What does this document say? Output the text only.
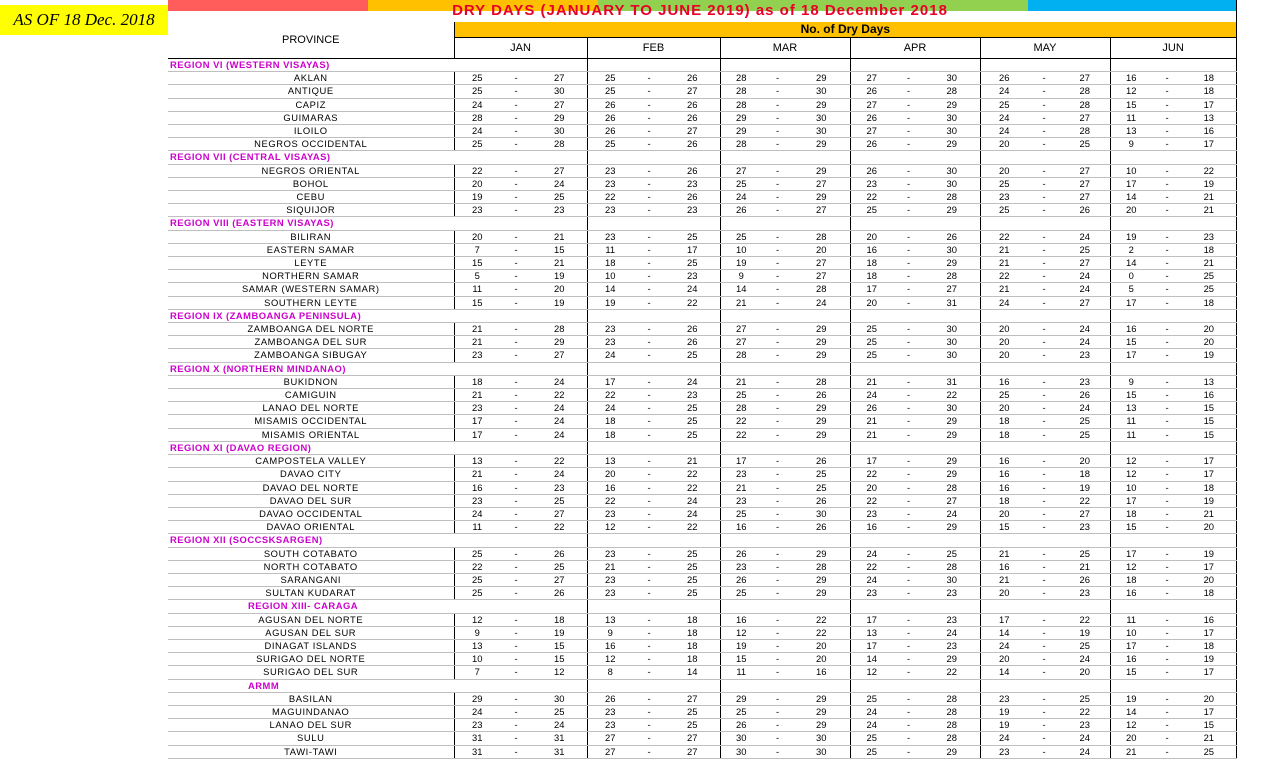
AS OF 18 Dec. 2018	DRY DAYS (JANUARY TO JUNE 2019) as of 18 December 2018
PROVINCE	No. of Dry Days																	
	JAN			FEB			MAR			APR			MAY			JUN		
REGION VI (WESTERN VISAYAS)																		
AKLAN	25	-	27	25	-	26	28	-	29	27	-	30	26	-	27	16	-	18
ANTIQUE	25	-	30	25	-	27	28	-	30	26	-	28	24	-	28	12	-	18
CAPIZ	24	-	27	26	-	26	28	-	29	27	-	29	25	-	28	15	-	17
GUIMARAS	28	-	29	26	-	26	29	-	30	26	-	30	24	-	27	11	-	13
ILOILO	24	-	30	26	-	27	29	-	30	27	-	30	24	-	28	13	-	16
NEGROS OCCIDENTAL	25	-	28	25	-	26	28	-	29	26	-	29	20	-	25	9	-	17
REGION VII (CENTRAL VISAYAS)																		
NEGROS ORIENTAL	22	-	27	23	-	26	27	-	29	26	-	30	20	-	27	10	-	22
BOHOL	20	-	24	23	-	23	25	-	27	23	-	30	25	-	27	17	-	19
CEBU	19	-	25	22	-	26	24	-	29	22	-	28	23	-	27	14	-	21
SIQUIJOR	23	-	23	23	-	23	26	-	27	25	-	29	25	-	26	20	-	21
REGION VIII (EASTERN VISAYAS)																		
BILIRAN	20	-	21	23	-	25	25	-	28	20	-	26	22	-	24	19	-	23
EASTERN SAMAR	7	-	15	11	-	17	10	-	20	16	-	30	21	-	25	2	-	18
LEYTE	15	-	21	18	-	25	19	-	27	18	-	29	21	-	27	14	-	21
NORTHERN SAMAR	5	-	19	10	-	23	9	-	27	18	-	28	22	-	24	0	-	25
SAMAR (WESTERN SAMAR)	11	-	20	14	-	24	14	-	28	17	-	27	21	-	24	5	-	25
SOUTHERN LEYTE	15	-	19	19	-	22	21	-	24	20	-	31	24	-	27	17	-	18
REGION IX (ZAMBOANGA PENINSULA)																		
ZAMBOANGA DEL NORTE	21	-	28	23	-	26	27	-	29	25	-	30	20	-	24	16	-	20
ZAMBOANGA DEL SUR	21	-	29	23	-	26	27	-	29	25	-	30	20	-	24	15	-	20
ZAMBOANGA SIBUGAY	23	-	27	24	-	25	28	-	29	25	-	30	20	-	23	17	-	19
REGION X (NORTHERN MINDANAO)																		
BUKIDNON	18	-	24	17	-	24	21	-	28	21	-	31	16	-	23	9	-	13
CAMIGUIN	21	-	22	22	-	23	25	-	26	24	-	22	25	-	26	15	-	16
LANAO DEL NORTE	23	-	24	24	-	25	28	-	29	26	-	30	20	-	24	13	-	15
MISAMIS OCCIDENTAL	17	-	24	18	-	25	22	-	29	21	-	29	18	-	25	11	-	15
MISAMIS ORIENTAL	17	-	24	18	-	25	22	-	29	21	-	29	18	-	25	11	-	15
REGION XI (DAVAO REGION)																		
CAMPOSTELA VALLEY	13	-	22	13	-	21	17	-	26	17	-	29	16	-	20	12	-	17
DAVAO CITY	21	-	24	20	-	22	23	-	25	22	-	29	16	-	18	12	-	17
DAVAO DEL NORTE	16	-	23	16	-	22	21	-	25	20	-	28	16	-	19	10	-	18
DAVAO DEL SUR	23	-	25	22	-	24	23	-	26	22	-	27	18	-	22	17	-	19
DAVAO OCCIDENTAL	24	-	27	23	-	24	25	-	30	23	-	24	20	-	27	18	-	21
DAVAO ORIENTAL	11	-	22	12	-	22	16	-	26	16	-	29	15	-	23	15	-	20
REGION XII (SOCCSKSARGEN)																		
SOUTH COTABATO	25	-	26	23	-	25	26	-	29	24	-	25	21	-	25	17	-	19
NORTH COTABATO	22	-	25	21	-	25	23	-	28	22	-	28	16	-	21	12	-	17
SARANGANI	25	-	27	23	-	25	26	-	29	24	-	30	21	-	26	18	-	20
SULTAN KUDARAT	25	-	26	23	-	25	25	-	29	23	-	23	20	-	23	16	-	18
REGION XIII- CARAGA																		
AGUSAN DEL NORTE	12	-	18	13	-	18	16	-	22	17	-	23	17	-	22	11	-	16
AGUSAN DEL SUR	9	-	19	9	-	18	12	-	22	13	-	24	14	-	19	10	-	17
DINAGAT ISLANDS	13	-	15	16	-	18	19	-	20	17	-	23	24	-	25	17	-	18
SURIGAO DEL NORTE	10	-	15	12	-	18	15	-	20	14	-	29	20	-	24	16	-	19
SURIGAO DEL SUR	7	-	12	8	-	14	11	-	16	12	-	22	14	-	20	15	-	17
ARMM																		
BASILAN	29	-	30	26	-	27	29	-	29	25	-	28	23	-	25	19	-	20
MAGUINDANAO	24	-	25	23	-	25	25	-	29	24	-	28	19	-	22	14	-	17
LANAO DEL SUR	23	-	24	23	-	25	26	-	29	24	-	28	19	-	23	12	-	15
SULU	31	-	31	27	-	27	30	-	30	25	-	28	24	-	24	20	-	21
TAWI-TAWI	31	-	31	27	-	27	30	-	30	25	-	29	23	-	24	21	-	25
